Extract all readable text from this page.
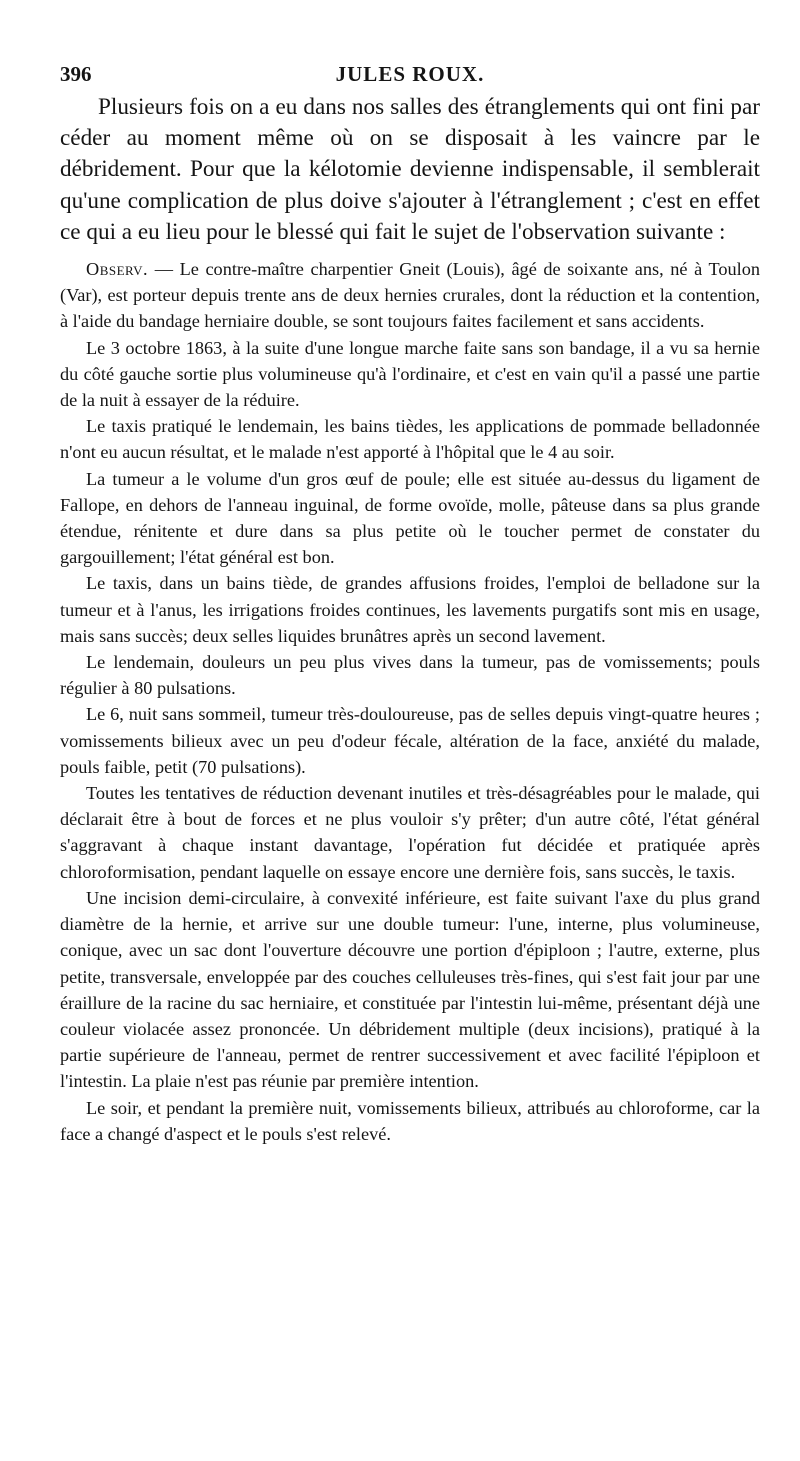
396	JULES ROUX.

Plusieurs fois on a eu dans nos salles des étranglements qui ont fini par céder au moment même où on se disposait à les vaincre par le débridement. Pour que la kélotomie devienne indispensable, il semblerait qu'une complication de plus doive s'ajouter à l'étranglement ; c'est en effet ce qui a eu lieu pour le blessé qui fait le sujet de l'observation suivante :

Observ. — Le contre-maître charpentier Gneit (Louis), âgé de soixante ans, né à Toulon (Var), est porteur depuis trente ans de deux hernies crurales, dont la réduction et la contention, à l'aide du bandage herniaire double, se sont toujours faites facilement et sans accidents.

Le 3 octobre 1863, à la suite d'une longue marche faite sans son bandage, il a vu sa hernie du côté gauche sortie plus volumineuse qu'à l'ordinaire, et c'est en vain qu'il a passé une partie de la nuit à essayer de la réduire.

Le taxis pratiqué le lendemain, les bains tièdes, les applications de pommade belladonnée n'ont eu aucun résultat, et le malade n'est apporté à l'hôpital que le 4 au soir.

La tumeur a le volume d'un gros œuf de poule; elle est située au-dessus du ligament de Fallope, en dehors de l'anneau inguinal, de forme ovoïde, molle, pâteuse dans sa plus grande étendue, rénitente et dure dans sa plus petite où le toucher permet de constater du gargouillement; l'état général est bon.

Le taxis, dans un bains tiède, de grandes affusions froides, l'emploi de belladone sur la tumeur et à l'anus, les irrigations froides continues, les lavements purgatifs sont mis en usage, mais sans succès; deux selles liquides brunâtres après un second lavement.

Le lendemain, douleurs un peu plus vives dans la tumeur, pas de vomissements; pouls régulier à 80 pulsations.

Le 6, nuit sans sommeil, tumeur très-douloureuse, pas de selles depuis vingt-quatre heures ; vomissements bilieux avec un peu d'odeur fécale, altération de la face, anxiété du malade, pouls faible, petit (70 pulsations).

Toutes les tentatives de réduction devenant inutiles et très-désagréables pour le malade, qui déclarait être à bout de forces et ne plus vouloir s'y prêter; d'un autre côté, l'état général s'aggravant à chaque instant davantage, l'opération fut décidée et pratiquée après chloroformisation, pendant laquelle on essaye encore une dernière fois, sans succès, le taxis.

Une incision demi-circulaire, à convexité inférieure, est faite suivant l'axe du plus grand diamètre de la hernie, et arrive sur une double tumeur: l'une, interne, plus volumineuse, conique, avec un sac dont l'ouverture découvre une portion d'épiploon ; l'autre, externe, plus petite, transversale, enveloppée par des couches celluleuses très-fines, qui s'est fait jour par une éraillure de la racine du sac herniaire, et constituée par l'intestin lui-même, présentant déjà une couleur violacée assez prononcée. Un débridement multiple (deux incisions), pratiqué à la partie supérieure de l'anneau, permet de rentrer successivement et avec facilité l'épiploon et l'intestin. La plaie n'est pas réunie par première intention.

Le soir, et pendant la première nuit, vomissements bilieux, attribués au chloroforme, car la face a changé d'aspect et le pouls s'est relevé.
